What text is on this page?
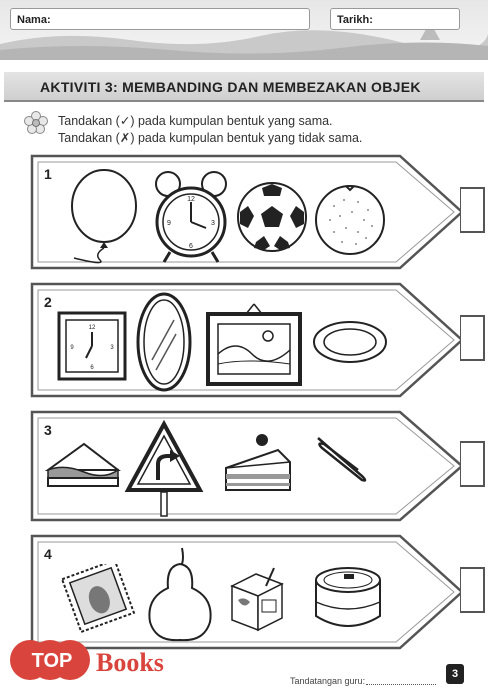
Nama:	Tarikh:
AKTIVITI 3: MEMBANDING DAN MEMBEZAKAN OBJEK
Tandakan (✓) pada kumpulan bentuk yang sama.
Tandakan (✗) pada kumpulan bentuk yang tidak sama.
1
12
3
6
9
2
12
3
6
9
3
4
TOP Books
Tandatangan guru:
3
